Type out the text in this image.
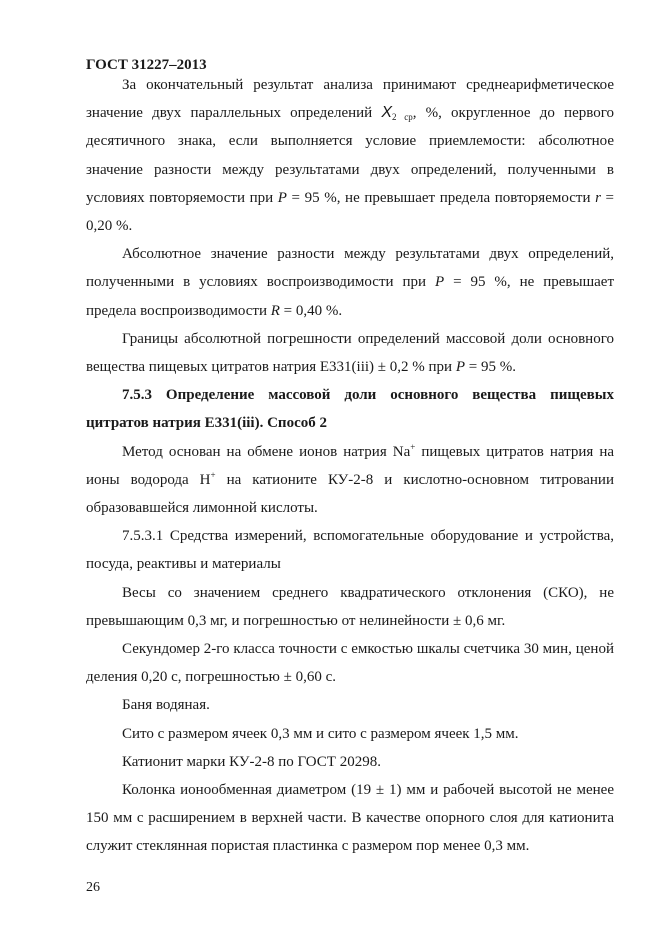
ГОСТ 31227–2013

За окончательный результат анализа принимают среднеарифметическое значение двух параллельных определений $X_{2 ср}$, %, округленное до первого десятичного знака, если выполняется условие приемлемости: абсолютное значение разности между результатами двух определений, полученными в условиях повторяемости при P = 95 %, не превышает предела повторяемости r = 0,20 %.

Абсолютное значение разности между результатами двух определений, полученными в условиях воспроизводимости при P = 95 %, не превышает предела воспроизводимости R = 0,40 %.

Границы абсолютной погрешности определений массовой доли основного вещества пищевых цитратов натрия Е331(iii) ± 0,2 % при P = 95 %.

7.5.3 Определение массовой доли основного вещества пищевых цитратов натрия Е331(iii). Способ 2

Метод основан на обмене ионов натрия Na+ пищевых цитратов натрия на ионы водорода H+ на катионите КУ-2-8 и кислотно-основном титровании образовавшейся лимонной кислоты.

7.5.3.1 Средства измерений, вспомогательные оборудование и устройства, посуда, реактивы и материалы

Весы со значением среднего квадратического отклонения (СКО), не превышающим 0,3 мг, и погрешностью от нелинейности ± 0,6 мг.

Секундомер 2-го класса точности с емкостью шкалы счетчика 30 мин, ценой деления 0,20 с, погрешностью ± 0,60 с.

Баня водяная.

Сито с размером ячеек 0,3 мм и сито с размером ячеек 1,5 мм.

Катионит марки КУ-2-8 по ГОСТ 20298.

Колонка ионообменная диаметром (19 ± 1) мм и рабочей высотой не менее 150 мм с расширением в верхней части. В качестве опорного слоя для катионита служит стеклянная пористая пластинка с размером пор менее 0,3 мм.

26
